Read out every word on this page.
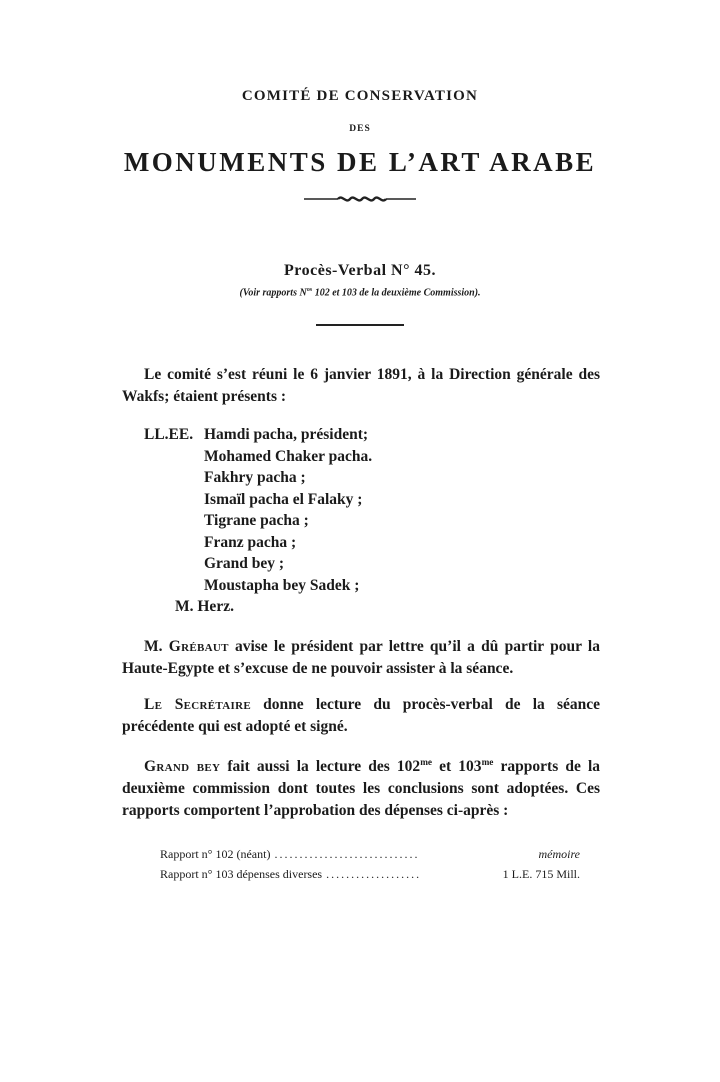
COMITÉ DE CONSERVATION
DES
MONUMENTS DE L’ART ARABE
Procès-Verbal N° 45.
(Voir rapports $N^{os}$ 102 et 103 de la deuxième Commission).

Le comité s’est réuni le 6 janvier 1891, à la Direction générale des Wakfs; étaient présents :

LL.EE. Hamdi pacha, président;
Mohamed Chaker pacha.
Fakhry pacha ;
Ismaïl pacha el Falaky ;
Tigrane pacha ;
Franz pacha ;
Grand bey ;
Moustapha bey Sadek ;
M. Herz.

M. Grébaut avise le président par lettre qu’il a dû partir pour la Haute-Egypte et s’excuse de ne pouvoir assister à la séance.

Le Secrétaire donne lecture du procès-verbal de la séance précédente qui est adopté et signé.

Grand bey fait aussi la lecture des $102^{me}$ et $103^{me}$ rapports de la deuxième commission dont toutes les conclusions sont adoptées. Ces rapports comportent l’approbation des dépenses ci-après :

Rapport n° 102 (néant) .............................	mémoire
Rapport n° 103 dépenses diverses ...................	1 L.E. 715 Mill.
